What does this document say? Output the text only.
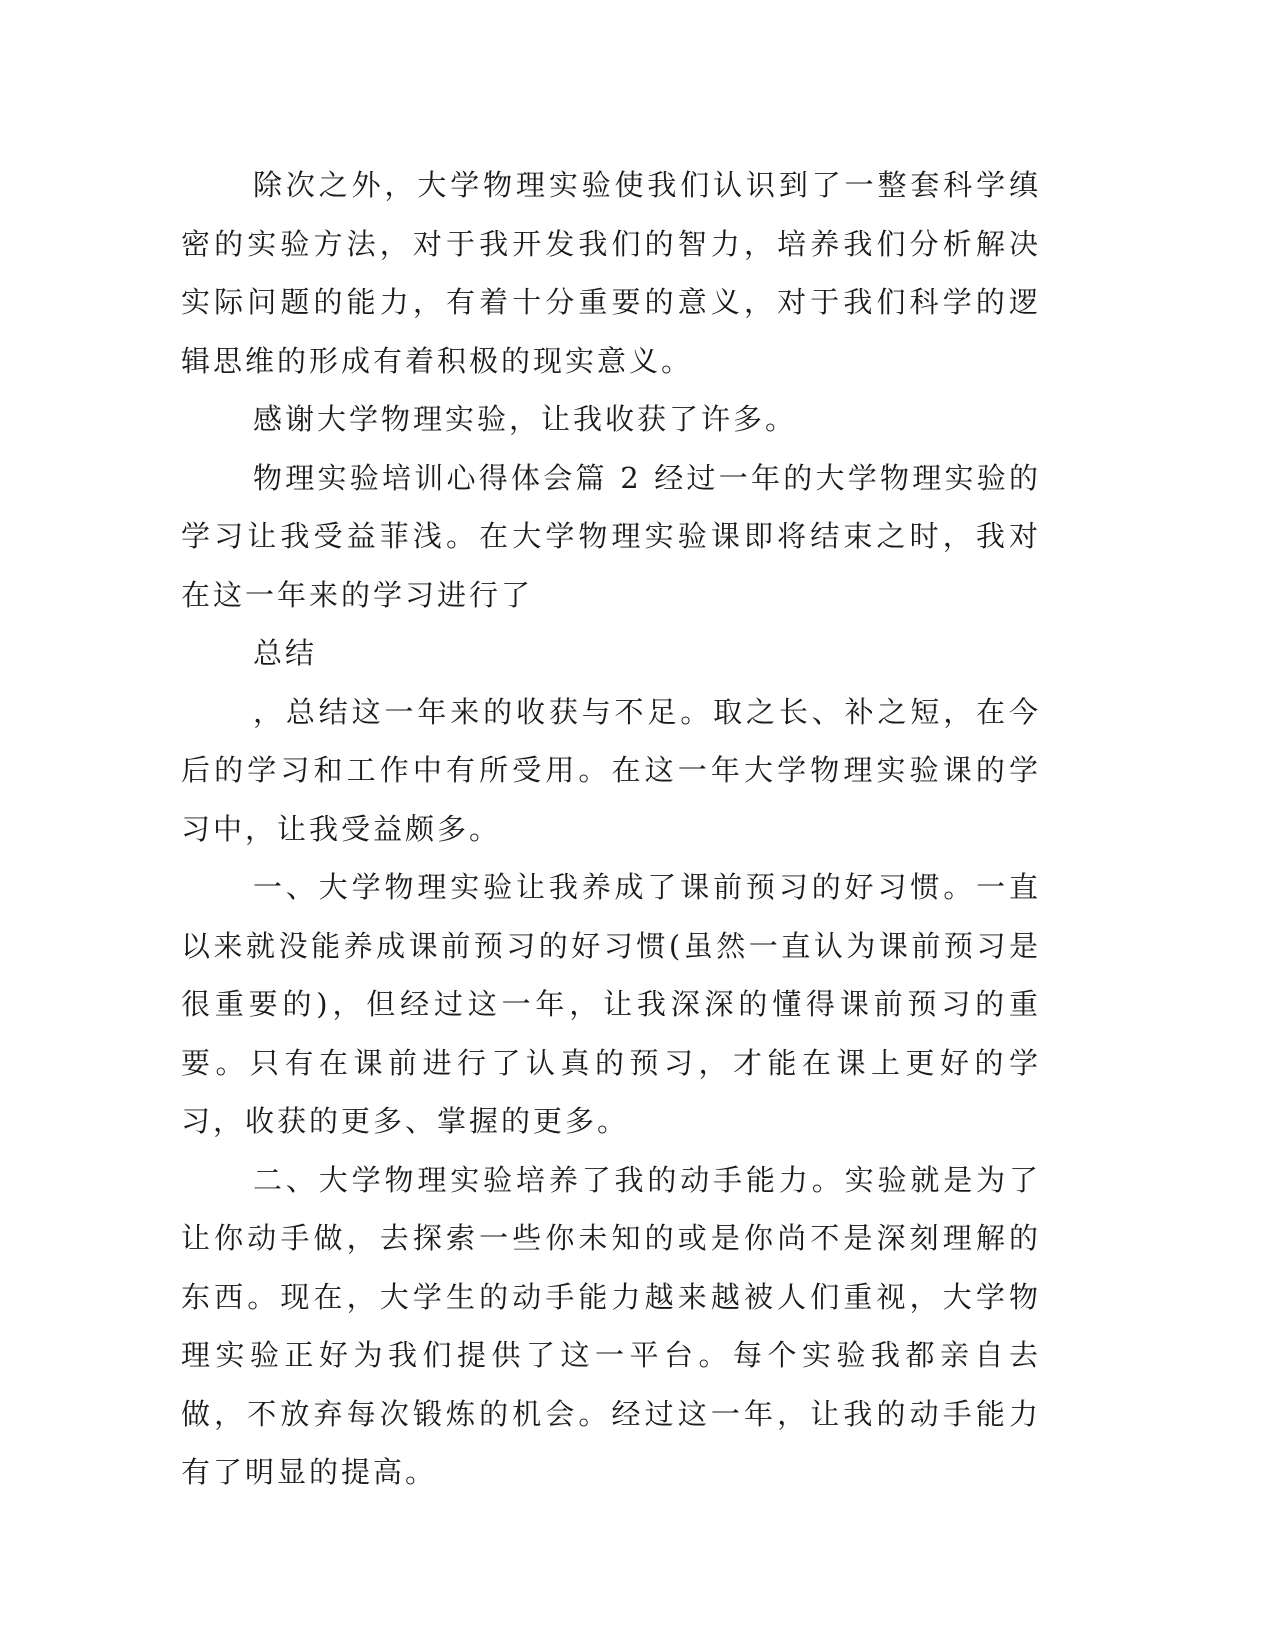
除次之外，大学物理实验使我们认识到了一整套科学缜密的实验方法，对于我开发我们的智力，培养我们分析解决实际问题的能力，有着十分重要的意义，对于我们科学的逻辑思维的形成有着积极的现实意义。

感谢大学物理实验，让我收获了许多。

物理实验培训心得体会篇 2 经过一年的大学物理实验的学习让我受益菲浅。在大学物理实验课即将结束之时，我对在这一年来的学习进行了

总结

，总结这一年来的收获与不足。取之长、补之短，在今后的学习和工作中有所受用。在这一年大学物理实验课的学习中，让我受益颇多。

一、大学物理实验让我养成了课前预习的好习惯。一直以来就没能养成课前预习的好习惯(虽然一直认为课前预习是很重要的)，但经过这一年，让我深深的懂得课前预习的重要。只有在课前进行了认真的预习，才能在课上更好的学习，收获的更多、掌握的更多。

二、大学物理实验培养了我的动手能力。实验就是为了让你动手做，去探索一些你未知的或是你尚不是深刻理解的东西。现在，大学生的动手能力越来越被人们重视，大学物理实验正好为我们提供了这一平台。每个实验我都亲自去做，不放弃每次锻炼的机会。经过这一年，让我的动手能力有了明显的提高。
